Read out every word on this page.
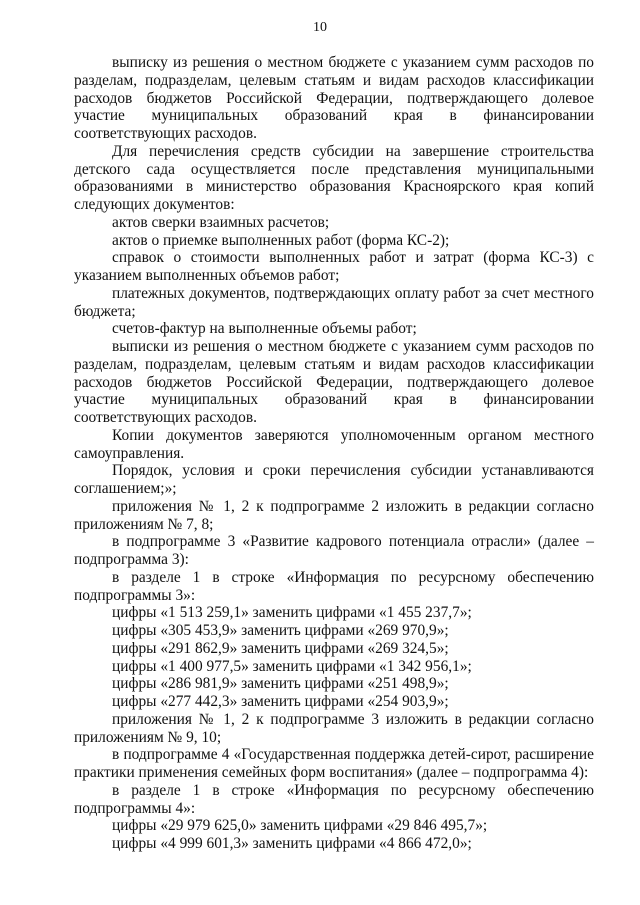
10

выписку из решения о местном бюджете с указанием сумм расходов по разделам, подразделам, целевым статьям и видам расходов классификации расходов бюджетов Российской Федерации, подтверждающего долевое участие муниципальных образований края в финансировании соответствующих расходов.

Для перечисления средств субсидии на завершение строительства детского сада осуществляется после представления муниципальными образованиями в министерство образования Красноярского края копий следующих документов:

актов сверки взаимных расчетов;

актов о приемке выполненных работ (форма КС-2);

справок о стоимости выполненных работ и затрат (форма КС-3) с указанием выполненных объемов работ;

платежных документов, подтверждающих оплату работ за счет местного бюджета;

счетов-фактур на выполненные объемы работ;

выписки из решения о местном бюджете с указанием сумм расходов по разделам, подразделам, целевым статьям и видам расходов классификации расходов бюджетов Российской Федерации, подтверждающего долевое участие муниципальных образований края в финансировании соответствующих расходов.

Копии документов заверяются уполномоченным органом местного самоуправления.

Порядок, условия и сроки перечисления субсидии устанавливаются соглашением;»;

приложения № 1, 2 к подпрограмме 2 изложить в редакции согласно приложениям № 7, 8;

в подпрограмме 3 «Развитие кадрового потенциала отрасли» (далее – подпрограмма 3):

в разделе 1 в строке «Информация по ресурсному обеспечению подпрограммы 3»:

цифры «1 513 259,1» заменить цифрами «1 455 237,7»;

цифры «305 453,9» заменить цифрами «269 970,9»;

цифры «291 862,9» заменить цифрами «269 324,5»;

цифры «1 400 977,5» заменить цифрами «1 342 956,1»;

цифры «286 981,9» заменить цифрами «251 498,9»;

цифры «277 442,3» заменить цифрами «254 903,9»;

приложения № 1, 2 к подпрограмме 3 изложить в редакции согласно приложениям № 9, 10;

в подпрограмме 4 «Государственная поддержка детей-сирот, расширение практики применения семейных форм воспитания» (далее – подпрограмма 4):

в разделе 1 в строке «Информация по ресурсному обеспечению подпрограммы 4»:

цифры «29 979 625,0» заменить цифрами «29 846 495,7»;

цифры «4 999 601,3» заменить цифрами «4 866 472,0»;
